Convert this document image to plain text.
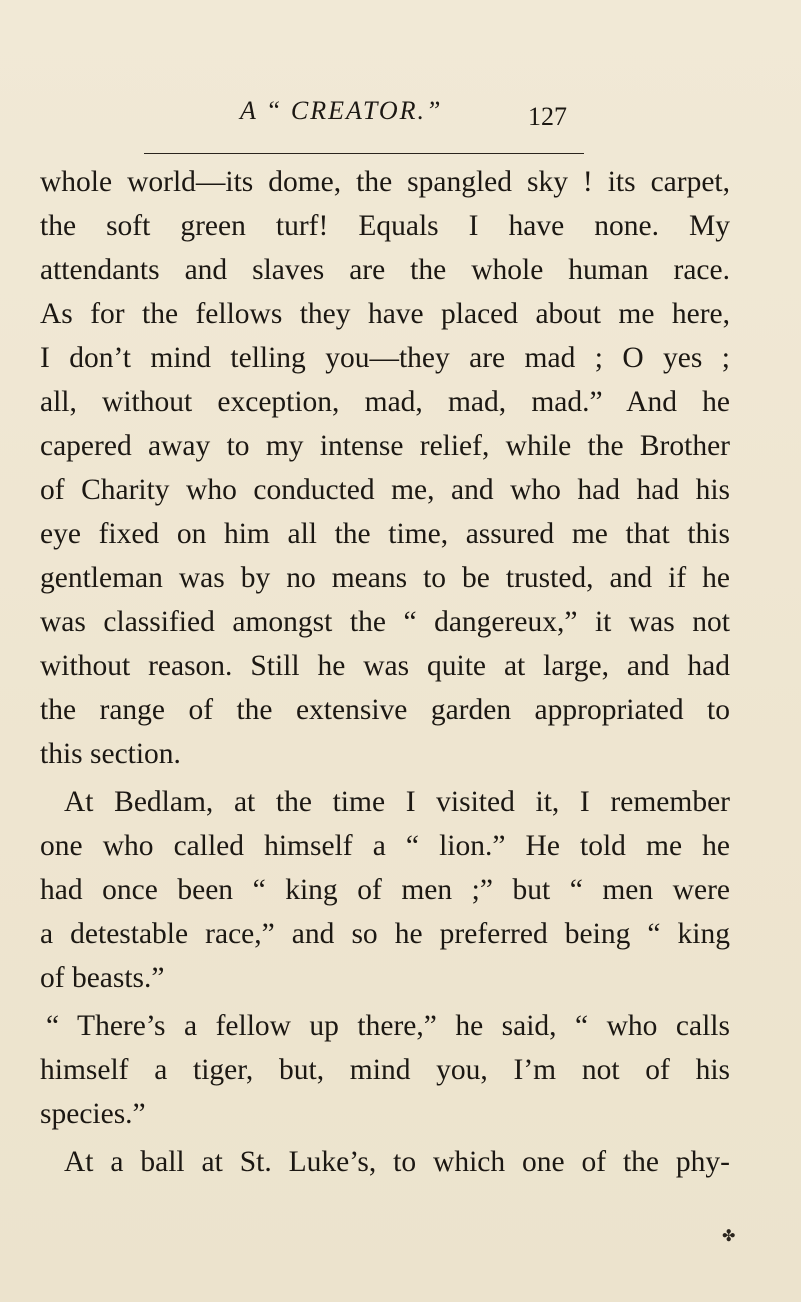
A “ CREATOR.”	127
whole world—its dome, the spangled sky ! its carpet,
the soft green turf! Equals I have none. My
attendants and slaves are the whole human race.
As for the fellows they have placed about me here,
I don’t mind telling you—they are mad ; O yes ;
all, without exception, mad, mad, mad.” And he
capered away to my intense relief, while the Brother
of Charity who conducted me, and who had had his
eye fixed on him all the time, assured me that this
gentleman was by no means to be trusted, and if he
was classified amongst the “ dangereux,” it was not
without reason. Still he was quite at large, and had
the range of the extensive garden appropriated to
this section.
At Bedlam, at the time I visited it, I remember
one who called himself a “ lion.” He told me he
had once been “ king of men ;” but “ men were
a detestable race,” and so he preferred being “ king
of beasts.”
“ There’s a fellow up there,” he said, “ who calls
himself a tiger, but, mind you, I’m not of his
species.”
At a ball at St. Luke’s, to which one of the phy-
✤
